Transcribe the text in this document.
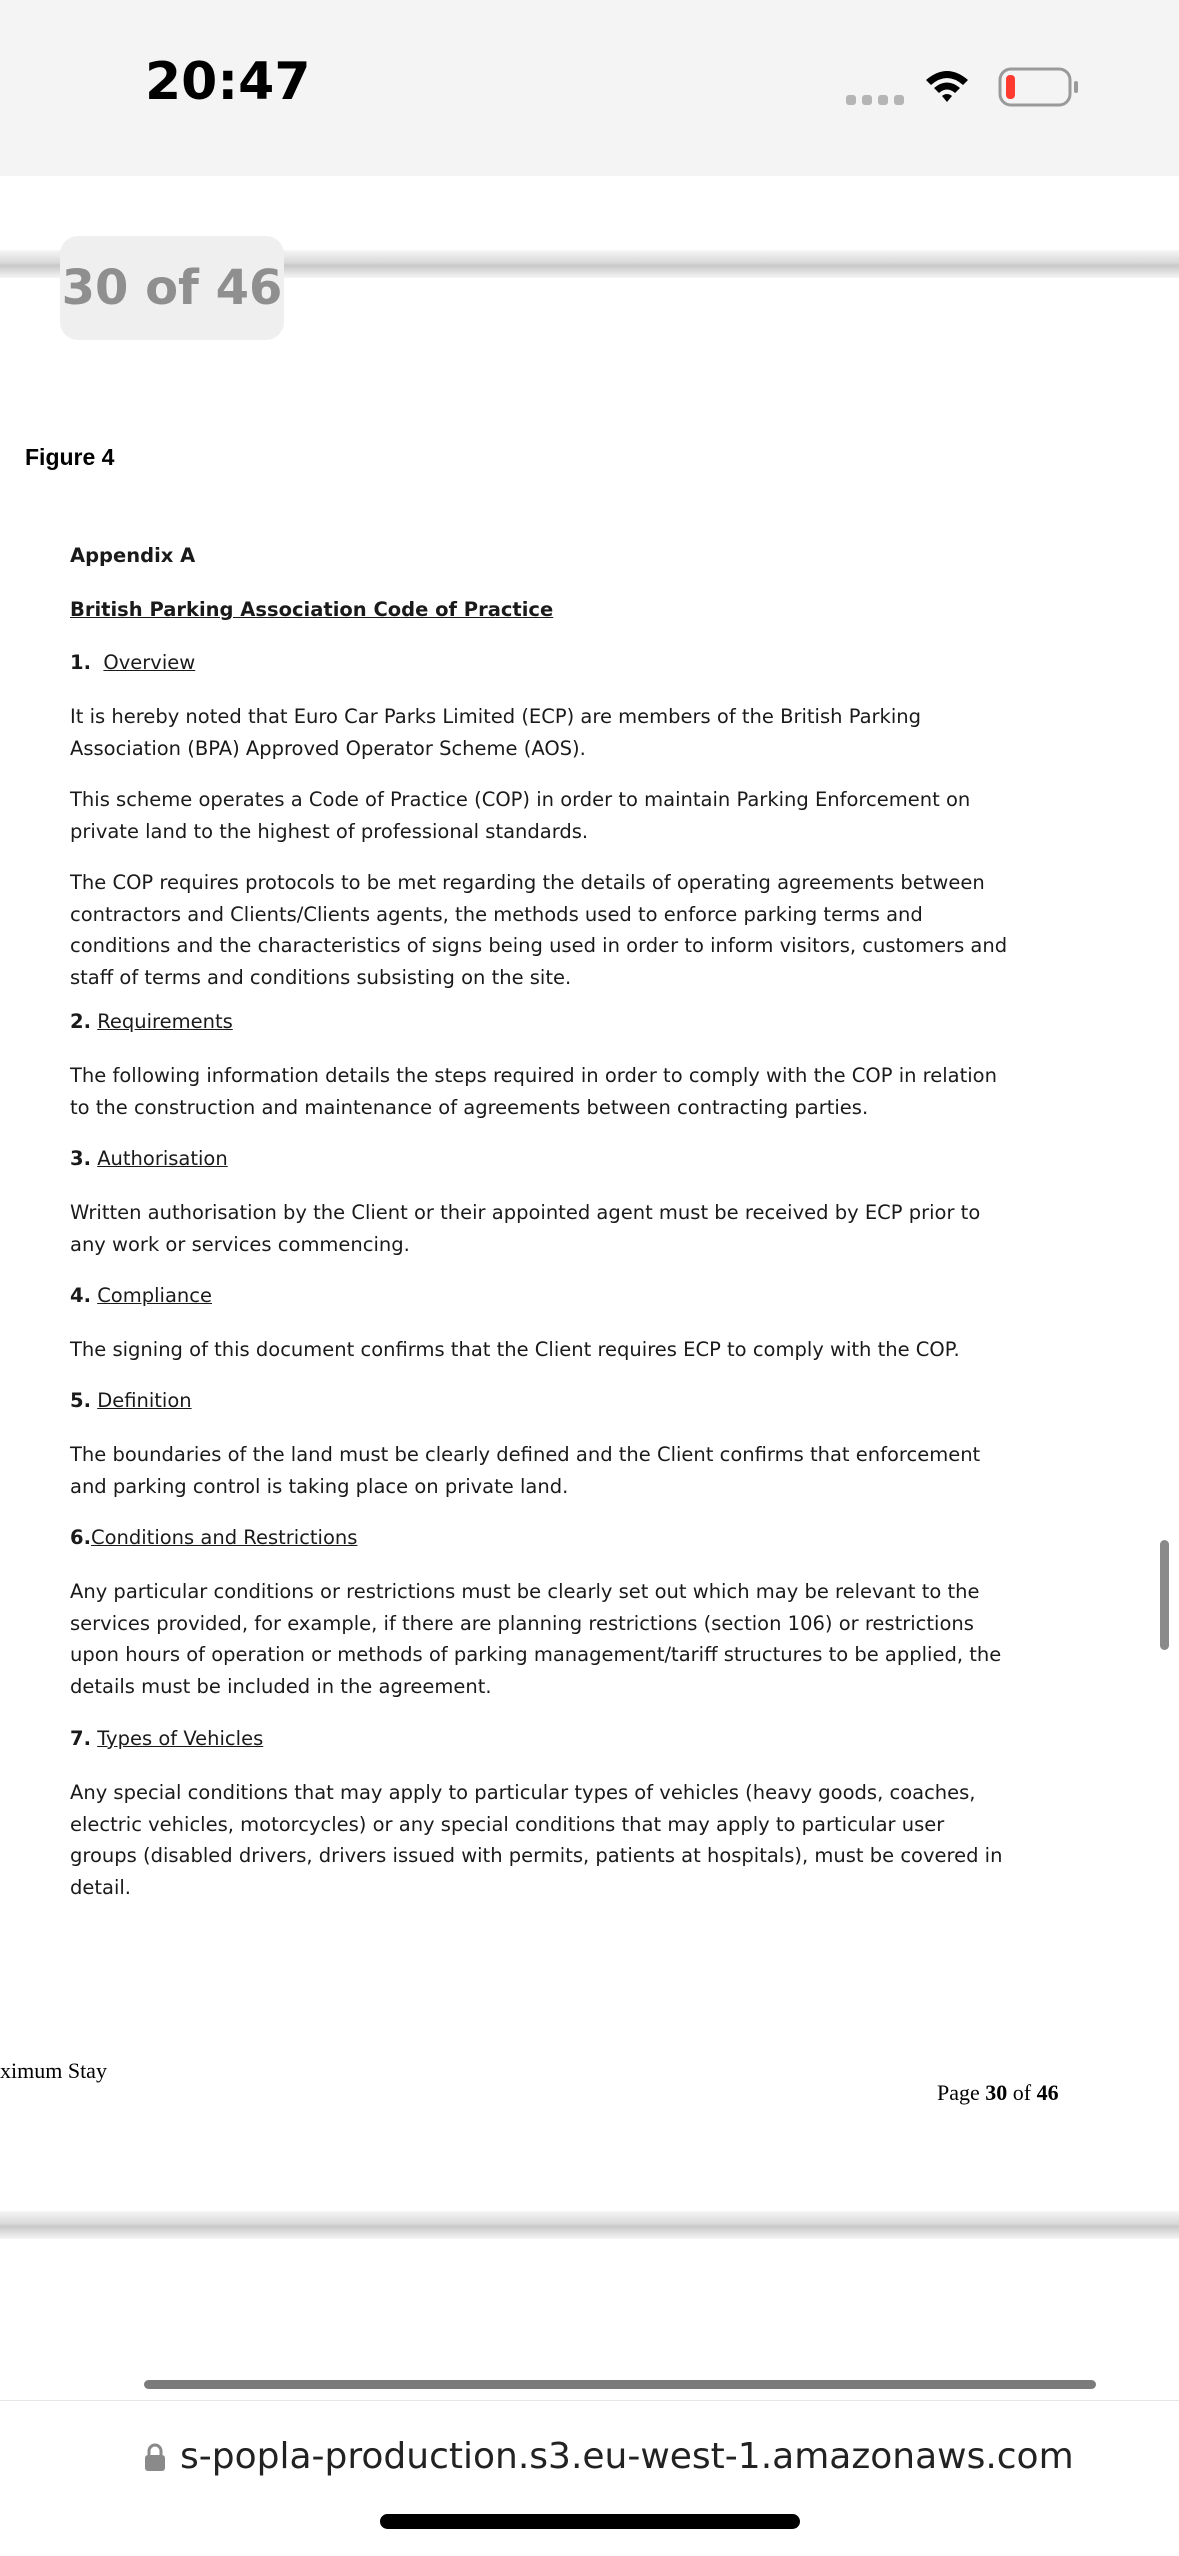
20:47
30 of 46
Figure 4
Appendix A
British Parking Association Code of Practice
1. Overview

It is hereby noted that Euro Car Parks Limited (ECP) are members of the British Parking Association (BPA) Approved Operator Scheme (AOS).

This scheme operates a Code of Practice (COP) in order to maintain Parking Enforcement on private land to the highest of professional standards.

The COP requires protocols to be met regarding the details of operating agreements between contractors and Clients/Clients agents, the methods used to enforce parking terms and conditions and the characteristics of signs being used in order to inform visitors, customers and staff of terms and conditions subsisting on the site.

2. Requirements

The following information details the steps required in order to comply with the COP in relation to the construction and maintenance of agreements between contracting parties.

3. Authorisation

Written authorisation by the Client or their appointed agent must be received by ECP prior to any work or services commencing.

4. Compliance

The signing of this document confirms that the Client requires ECP to comply with the COP.

5. Definition

The boundaries of the land must be clearly defined and the Client confirms that enforcement and parking control is taking place on private land.

6.Conditions and Restrictions

Any particular conditions or restrictions must be clearly set out which may be relevant to the services provided, for example, if there are planning restrictions (section 106) or restrictions upon hours of operation or methods of parking management/tariff structures to be applied, the details must be included in the agreement.

7. Types of Vehicles

Any special conditions that may apply to particular types of vehicles (heavy goods, coaches, electric vehicles, motorcycles) or any special conditions that may apply to particular user groups (disabled drivers, drivers issued with permits, patients at hospitals), must be covered in detail.

ximum Stay
Page 30 of 46
s-popla-production.s3.eu-west-1.amazonaws.com
